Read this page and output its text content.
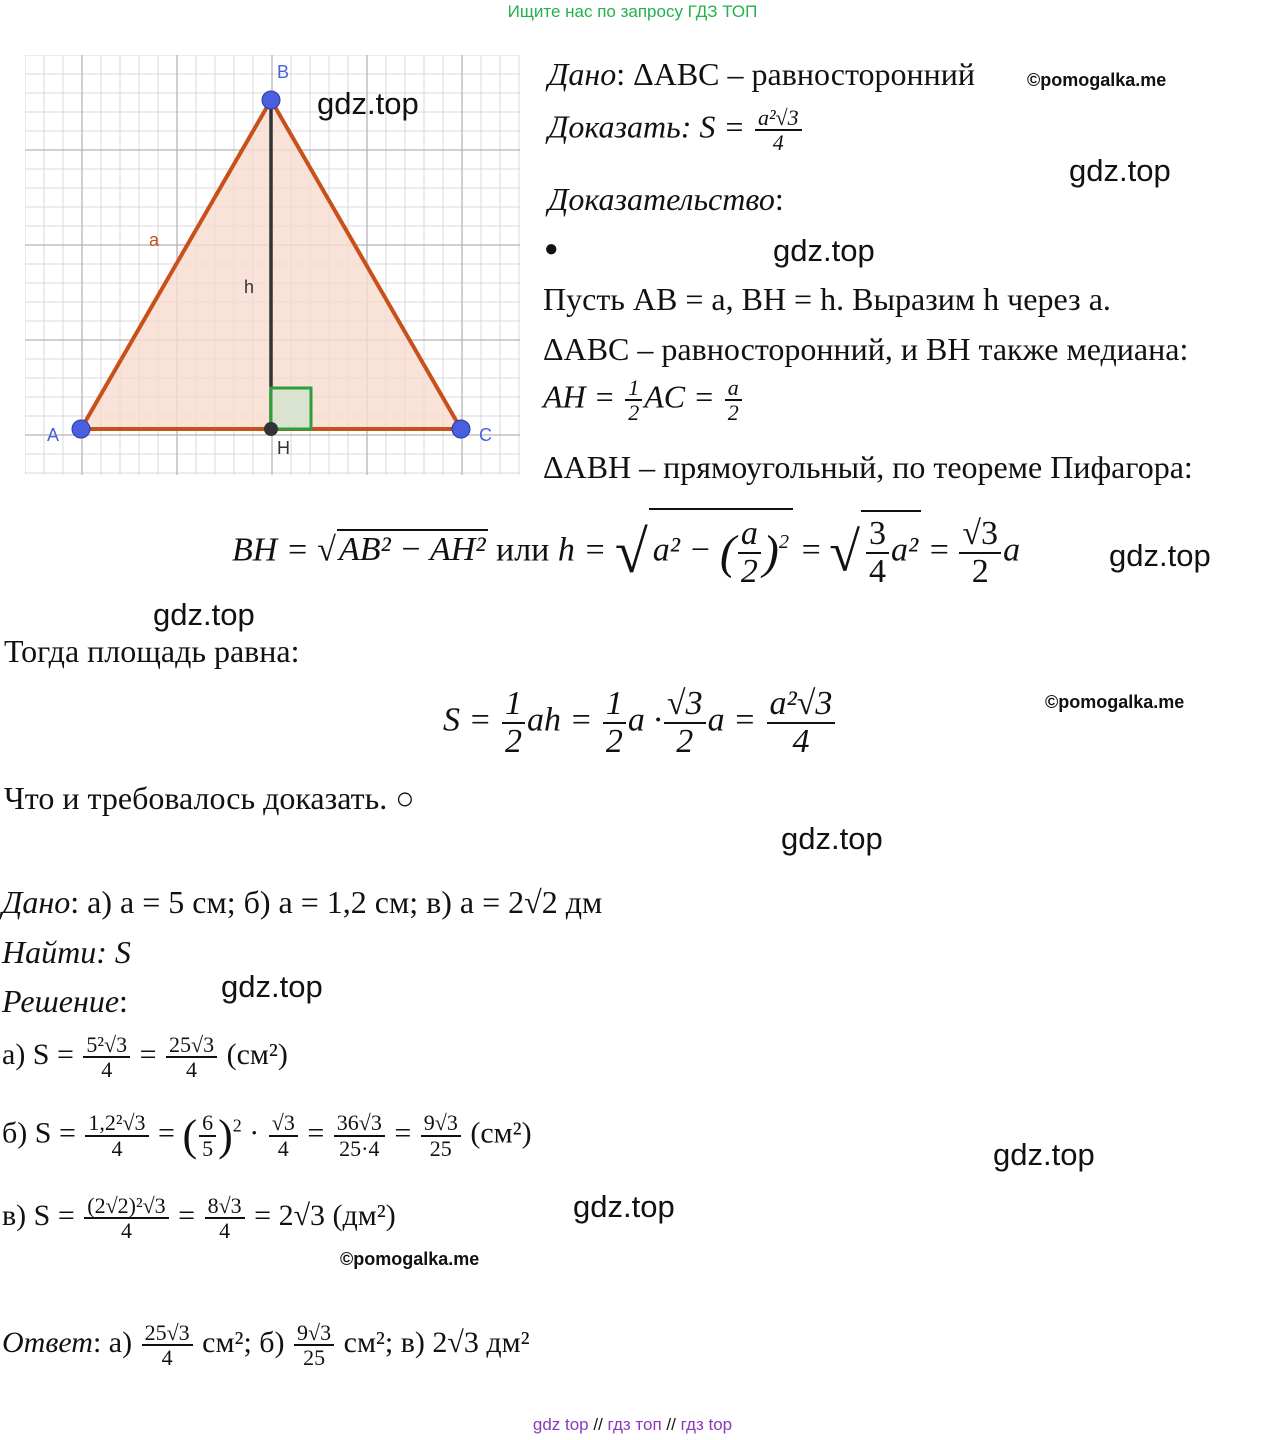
Ищите нас по запросу ГДЗ ТОП
B
A	C
H
a
h
gdz.top
Дано: ΔABC – равносторонний	©pomogalka.me
Доказать: $S = \frac{\text{a²√3}}{4}$
gdz.top
Доказательство:
●	gdz.top
Пусть AB = a, BH = h. Выразим h через a.
ΔABC – равносторонний, и BH также медиана:
AH = $\frac{1}{2}$ AC = $\frac{a}{2}$
ΔABH – прямоугольный, по теореме Пифагора:
BH = √AB² − AH² или h = √ a² − ( $\frac{a}{2} )^2$ = √ $\frac{3}{4} a^2 = \frac{√3}{2}$ a	gdz.top
gdz.top
Тогда площадь равна:
$S = \frac{1}{2}$ ah = $\frac{1}{2}$ $a \cdot \frac{√3}{2}$ $a = \frac{\text{a²√3}}{4}$	©pomogalka.me
Что и требовалось доказать. ○
gdz.top
Дано: а) a = 5 см; б) a = 1,2 см; в) a = 2√2 дм
Найти: S
Решение:	gdz.top
а) $S = \frac{\text{5²√3}}{4} = \frac{25√3}{4} (см^2)$
б) $S = \frac{\text{1,2²√3}}{4}$ = ( $\frac{6}{5} )^2 \cdot \frac{√3}{4} = \frac{36√3}{25\cdot 4} = \frac{9√3}{25} (см^2)$
gdz.top
в) $S = \frac{\text{(2√2)²√3}}{4} = \frac{8√3}{4} = 2√3$ (дм²)	gdz.top
©pomogalka.me
Ответ: $а) \frac{25√3}{4} см^2$; $б) \frac{9√3}{25} см^2$; в) 2√3 дм²
gdz top // гдз топ // гдз top
